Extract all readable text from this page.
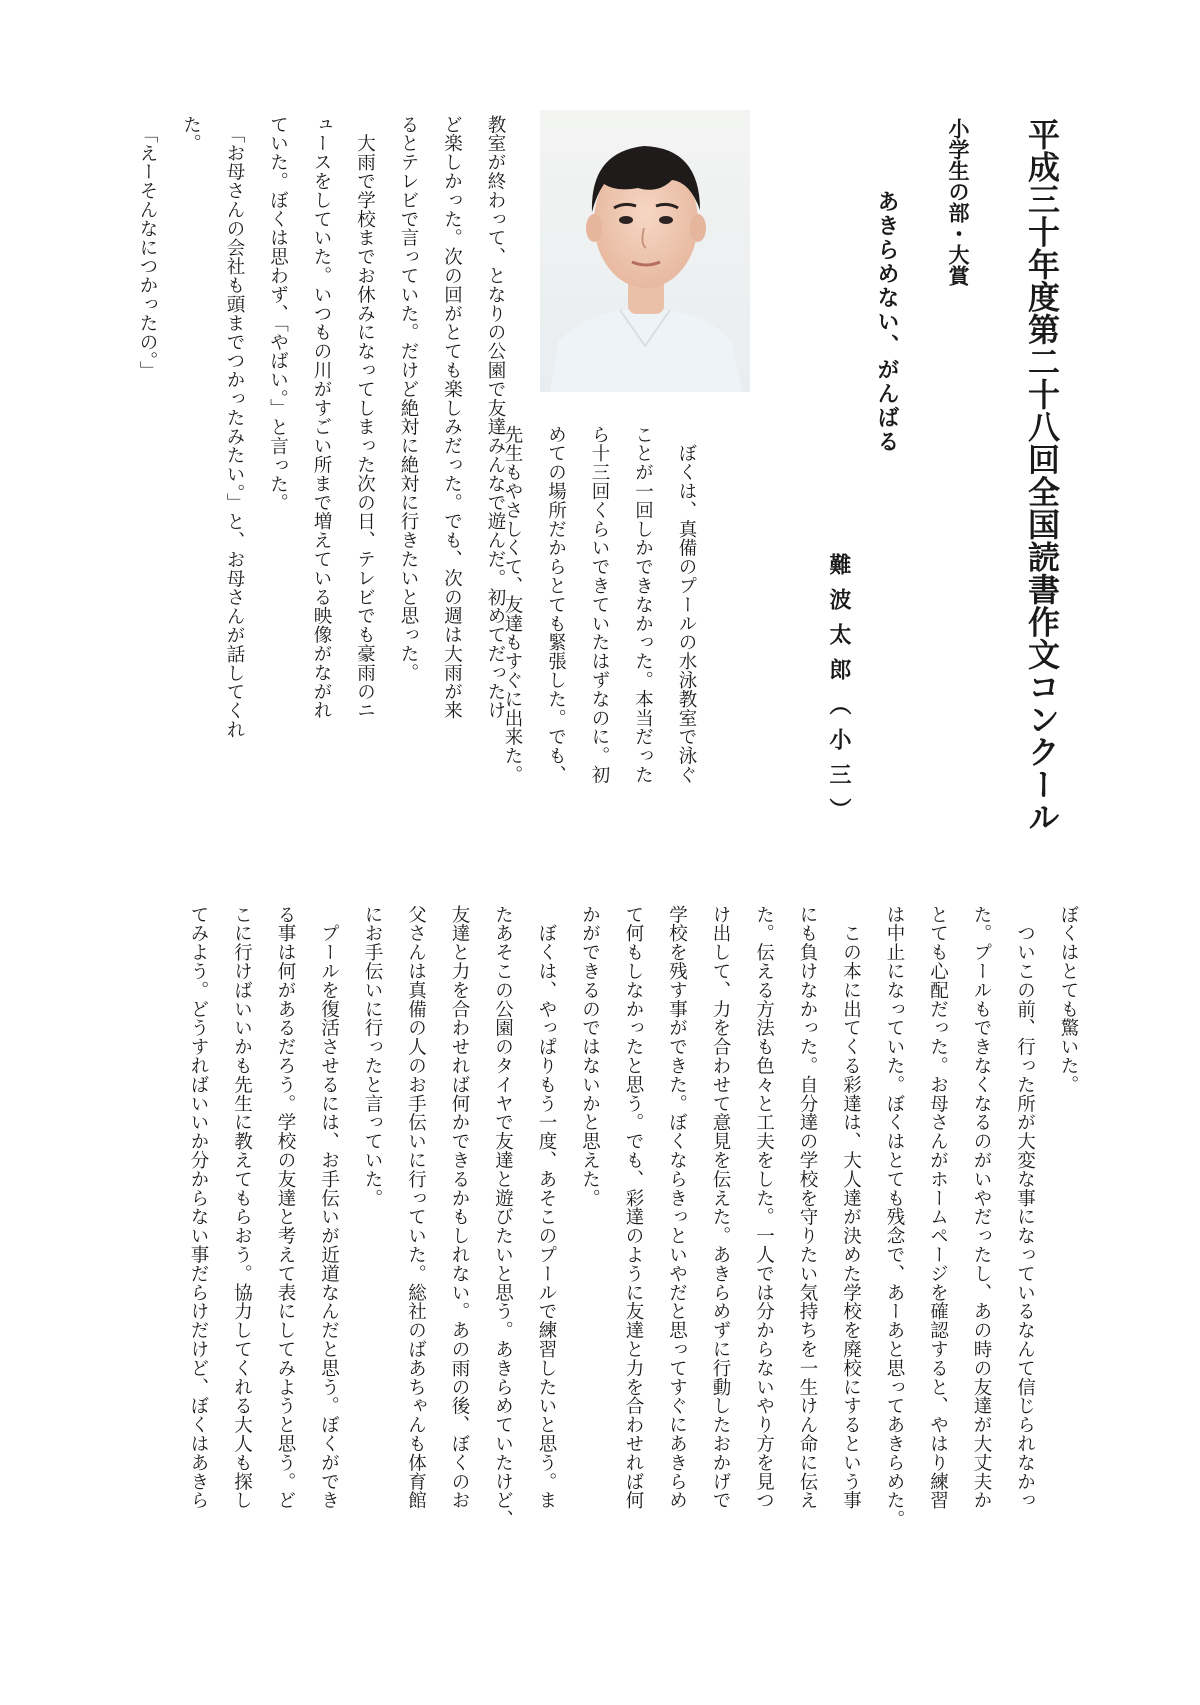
平成三十年度第二十八回全国読書作文コンクール
小学生の部・大賞
あきらめない、がんばる
難波太郎（小三）
　ぼくは、真備のプールの水泳教室で泳ぐ
ことが一回しかできなかった。本当だった
ら十三回くらいできていたはずなのに。初
めての場所だからとても緊張した。でも、
先生もやさしくて、友達もすぐに出来た。
教室が終わって、となりの公園で友達みんなで遊んだ。初めてだったけ
ど楽しかった。次の回がとても楽しみだった。でも、次の週は大雨が来
るとテレビで言っていた。だけど絶対に絶対に行きたいと思った。
　大雨で学校までお休みになってしまった次の日、テレビでも豪雨のニ
ュースをしていた。いつもの川がすごい所まで増えている映像がながれ
ていた。ぼくは思わず、「やばい。」と言った。
　「お母さんの会社も頭までつかったみたい。」と、お母さんが話してくれ
た。
　「えーそんなにつかったの。」
ぼくはとても驚いた。
　ついこの前、行った所が大変な事になっているなんて信じられなかっ
た。プールもできなくなるのがいやだったし、あの時の友達が大丈夫か
とても心配だった。お母さんがホームページを確認すると、やはり練習
は中止になっていた。ぼくはとても残念で、あーあと思ってあきらめた。
　この本に出てくる彩達は、大人達が決めた学校を廃校にするという事
にも負けなかった。自分達の学校を守りたい気持ちを一生けん命に伝え
た。伝える方法も色々と工夫をした。一人では分からないやり方を見つ
け出して、力を合わせて意見を伝えた。あきらめずに行動したおかげで
学校を残す事ができた。ぼくならきっといやだと思ってすぐにあきらめ
て何もしなかったと思う。でも、彩達のように友達と力を合わせれば何
かができるのではないかと思えた。
　ぼくは、やっぱりもう一度、あそこのプールで練習したいと思う。ま
たあそこの公園のタイヤで友達と遊びたいと思う。あきらめていたけど、
友達と力を合わせれば何かできるかもしれない。あの雨の後、ぼくのお
父さんは真備の人のお手伝いに行っていた。総社のばあちゃんも体育館
にお手伝いに行ったと言っていた。
　プールを復活させるには、お手伝いが近道なんだと思う。ぼくができ
る事は何があるだろう。学校の友達と考えて表にしてみようと思う。ど
こに行けばいいかも先生に教えてもらおう。協力してくれる大人も探し
てみよう。どうすればいいか分からない事だらけだけど、ぼくはあきら
